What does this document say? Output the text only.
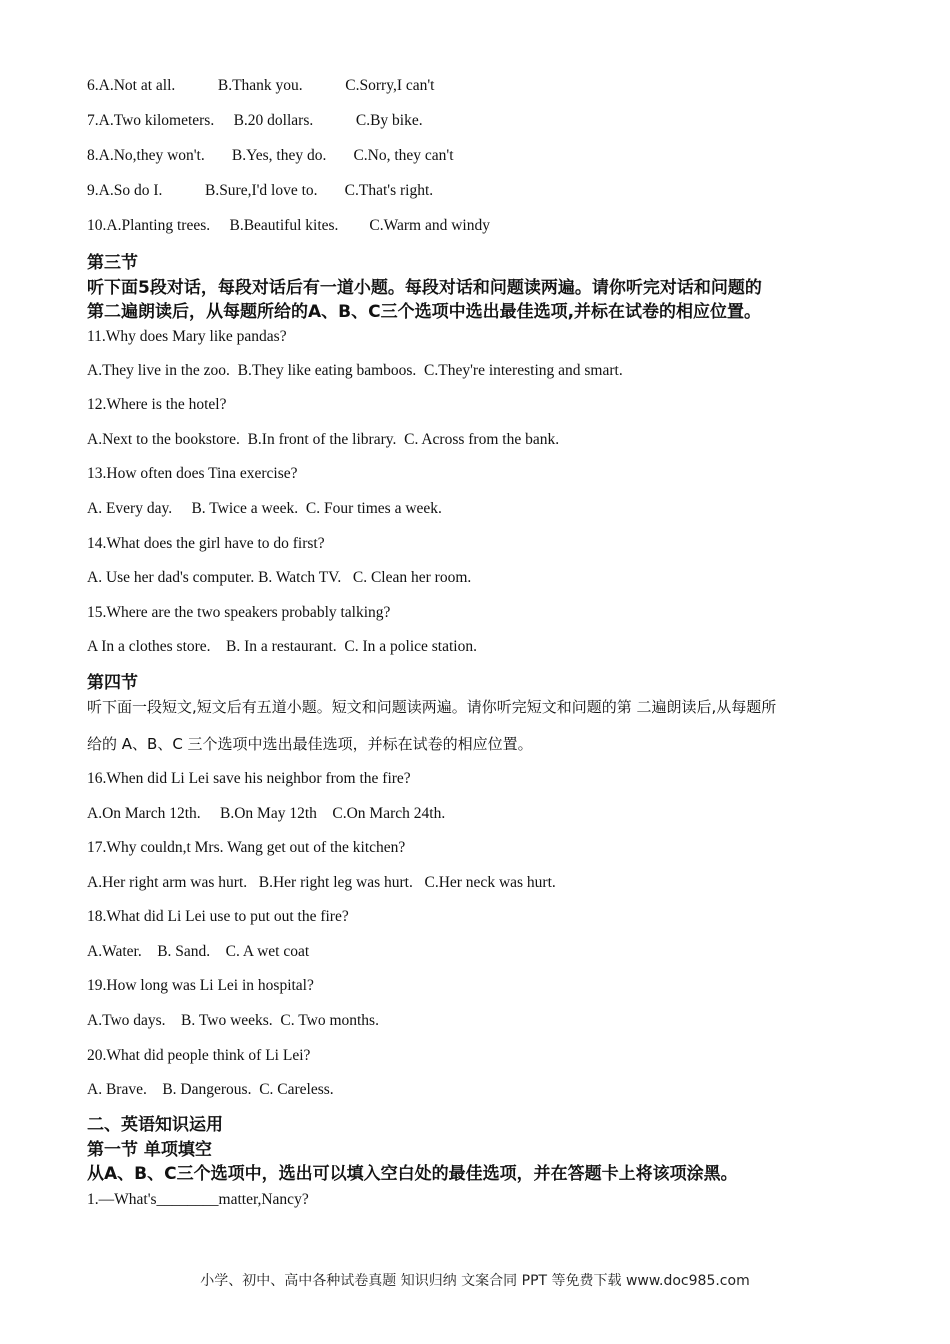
6.A.Not at all.           B.Thank you.           C.Sorry,I can't
7.A.Two kilometers.     B.20 dollars.           C.By bike.
8.A.No,they won't.       B.Yes, they do.       C.No, they can't
9.A.So do I.           B.Sure,I'd love to.       C.That's right.
10.A.Planting trees.     B.Beautiful kites.        C.Warm and windy
第三节
听下面5段对话，每段对话后有一道小题。每段对话和问题读两遍。请你听完对话和问题的
第二遍朗读后，从每题所给的A、B、C三个选项中选出最佳选项,并标在试卷的相应位置。
11.Why does Mary like pandas?
A.They live in the zoo.  B.They like eating bamboos.  C.They're interesting and smart.
12.Where is the hotel?
A.Next to the bookstore.  B.In front of the library.  C. Across from the bank.
13.How often does Tina exercise?
A. Every day.     B. Twice a week.  C. Four times a week.
14.What does the girl have to do first?
A. Use her dad's computer. B. Watch TV.   C. Clean her room.
15.Where are the two speakers probably talking?
A In a clothes store.    B. In a restaurant.  C. In a police station.
第四节
听下面一段短文,短文后有五道小题。短文和问题读两遍。请你听完短文和问题的第 二遍朗读后,从每题所
给的 A、B、C 三个选项中选出最佳选项，并标在试卷的相应位置。
16.When did Li Lei save his neighbor from the fire?
A.On March 12th.     B.On May 12th    C.On March 24th.
17.Why couldn,t Mrs. Wang get out of the kitchen?
A.Her right arm was hurt.   B.Her right leg was hurt.   C.Her neck was hurt.
18.What did Li Lei use to put out the fire?
A.Water.    B. Sand.    C. A wet coat
19.How long was Li Lei in hospital?
A.Two days.    B. Two weeks.  C. Two months.
20.What did people think of Li Lei?
A. Brave.    B. Dangerous.  C. Careless.
二、英语知识运用
第一节 单项填空
从A、B、C三个选项中，选出可以填入空白处的最佳选项，并在答题卡上将该项涂黑。
1.—What's________matter,Nancy?
小学、初中、高中各种试卷真题 知识归纳 文案合同 PPT 等免费下载 www.doc985.com
